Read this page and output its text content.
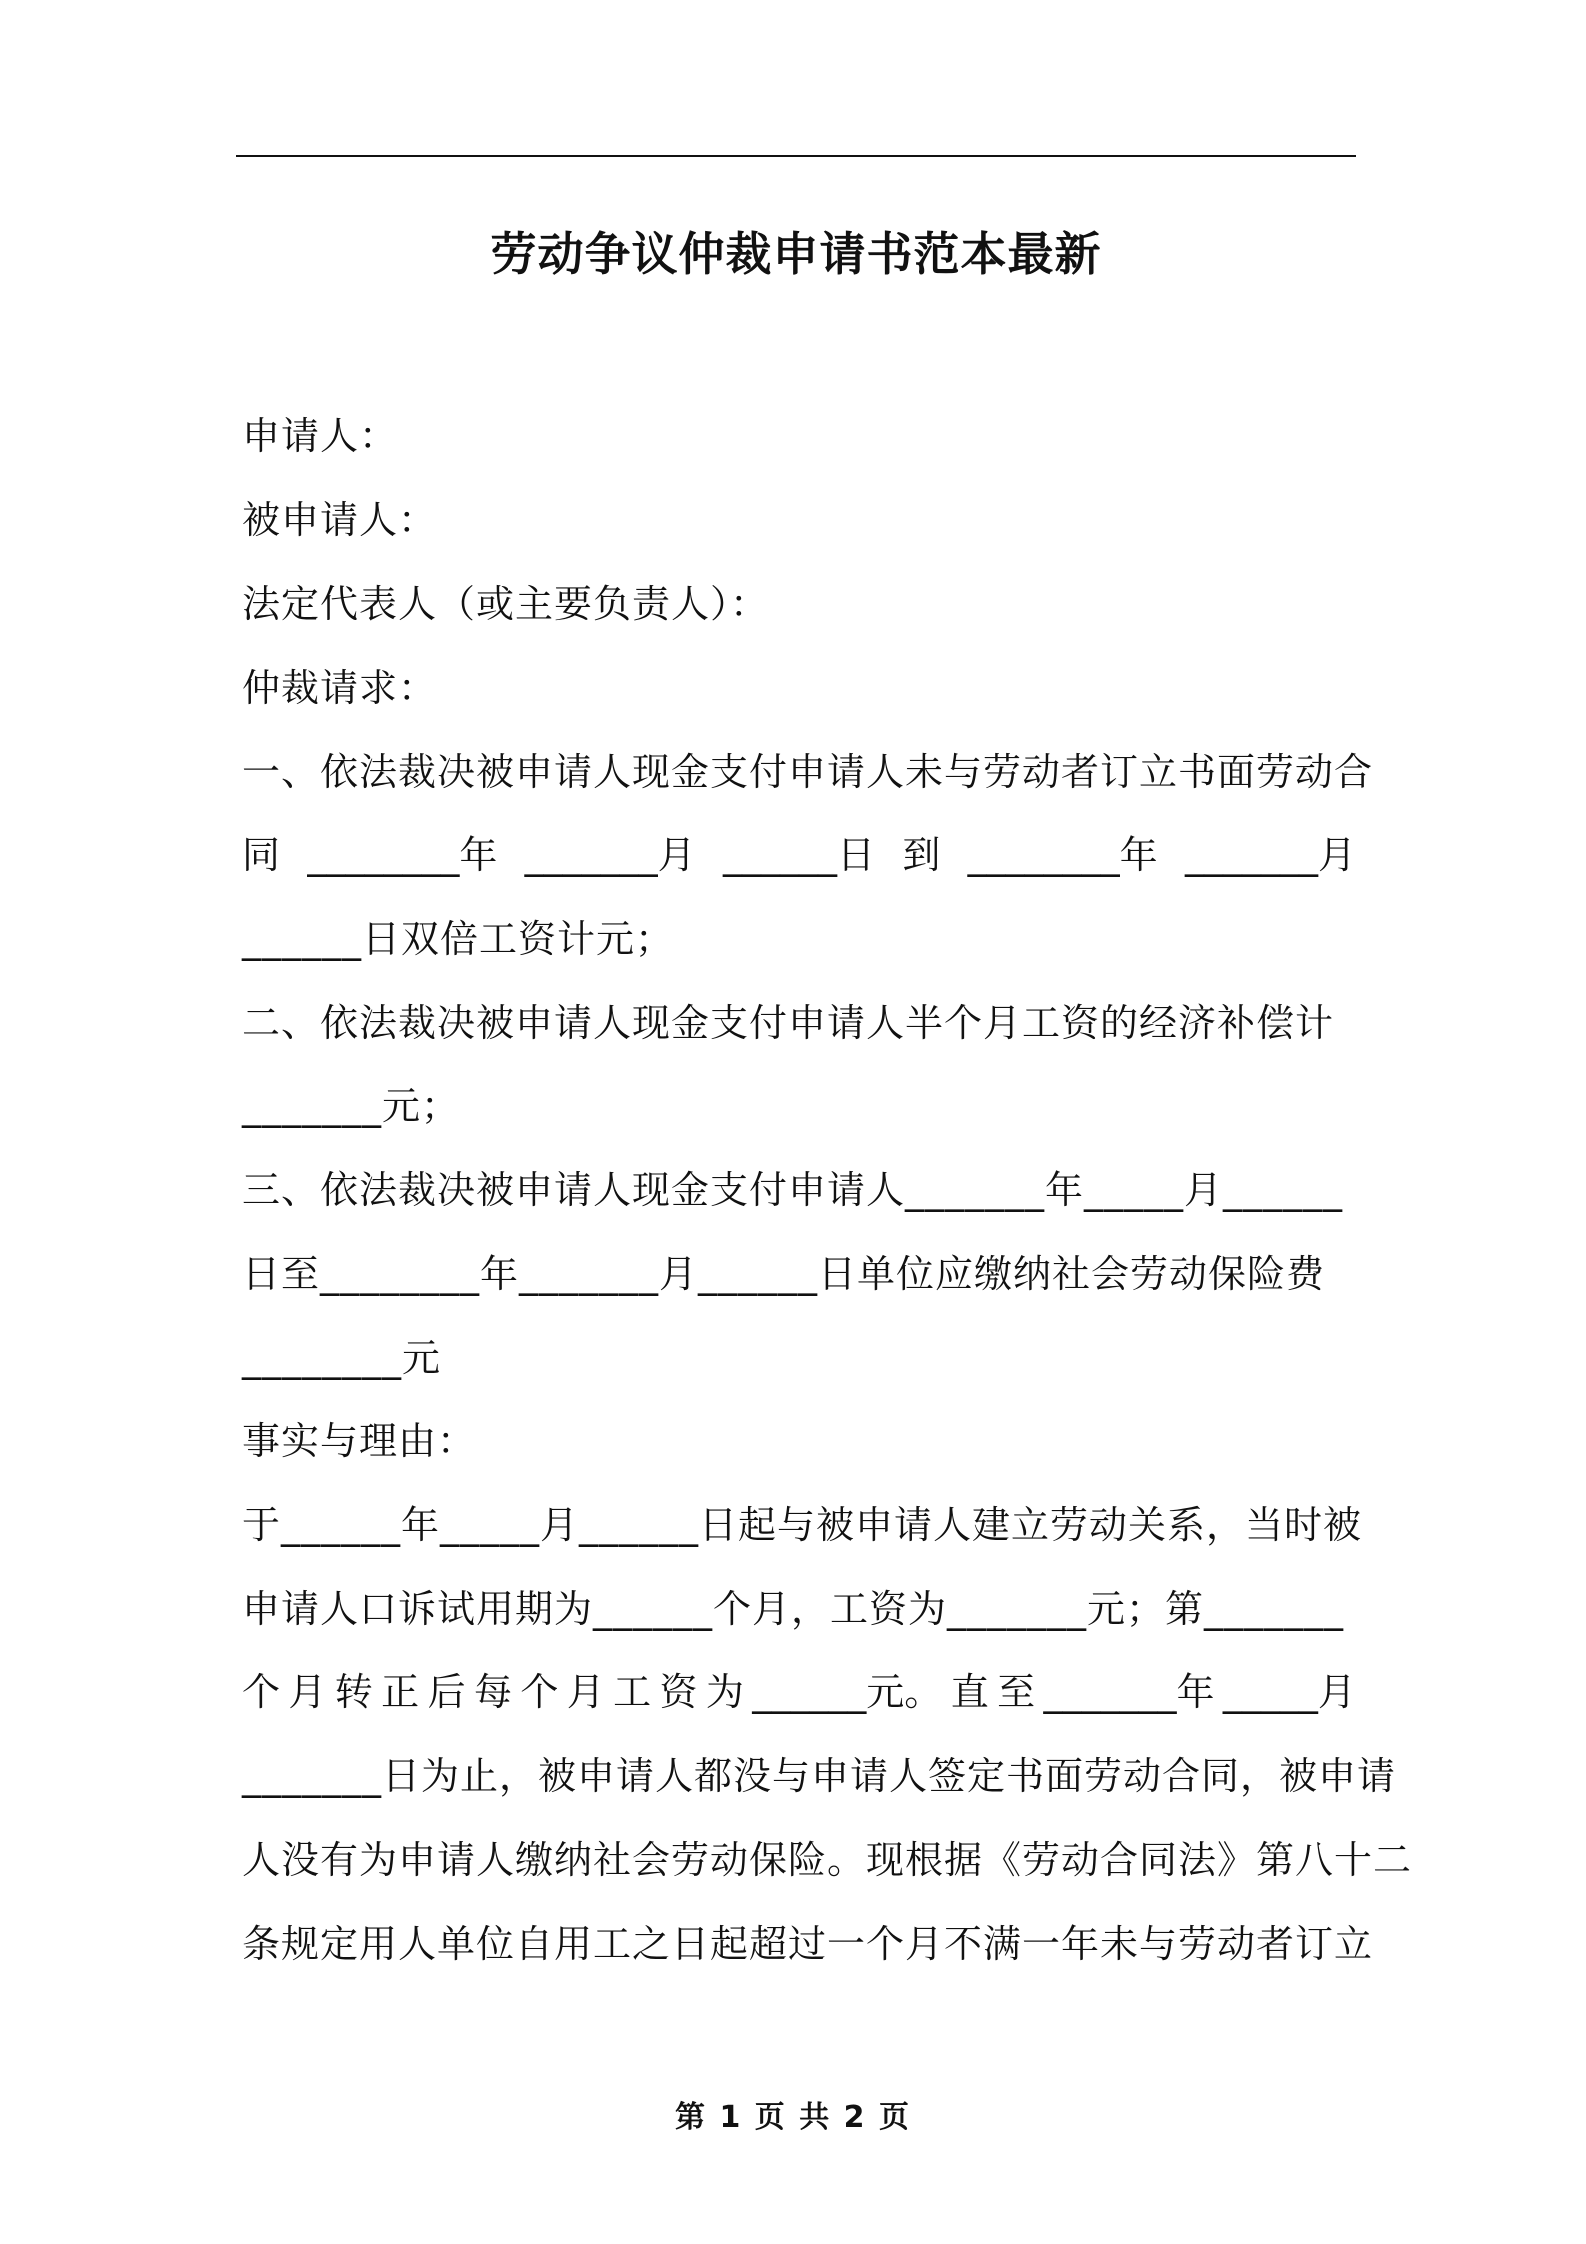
劳动争议仲裁申请书范本最新
申请人：
被申请人：
法定代表人（或主要负责人）：
仲裁请求：
一、依法裁决被申请人现金支付申请人未与劳动者订立书面劳动合
同 ________年 _______月 ______日 到 ________年 _______月
______日双倍工资计元；
二、依法裁决被申请人现金支付申请人半个月工资的经济补偿计
_______元；
三、依法裁决被申请人现金支付申请人_______年_____月______
日至________年_______月______日单位应缴纳社会劳动保险费
________元
事实与理由：
于______年_____月______日起与被申请人建立劳动关系，当时被
申请人口诉试用期为______个月，工资为_______元；第_______
个 月 转 正 后 每 个 月 工 资 为 ______元。 直 至 _______年 _____月
_______日为止，被申请人都没与申请人签定书面劳动合同，被申请
人没有为申请人缴纳社会劳动保险。现根据《劳动合同法》第八十二
条规定用人单位自用工之日起超过一个月不满一年未与劳动者订立
第 1 页 共 2 页
